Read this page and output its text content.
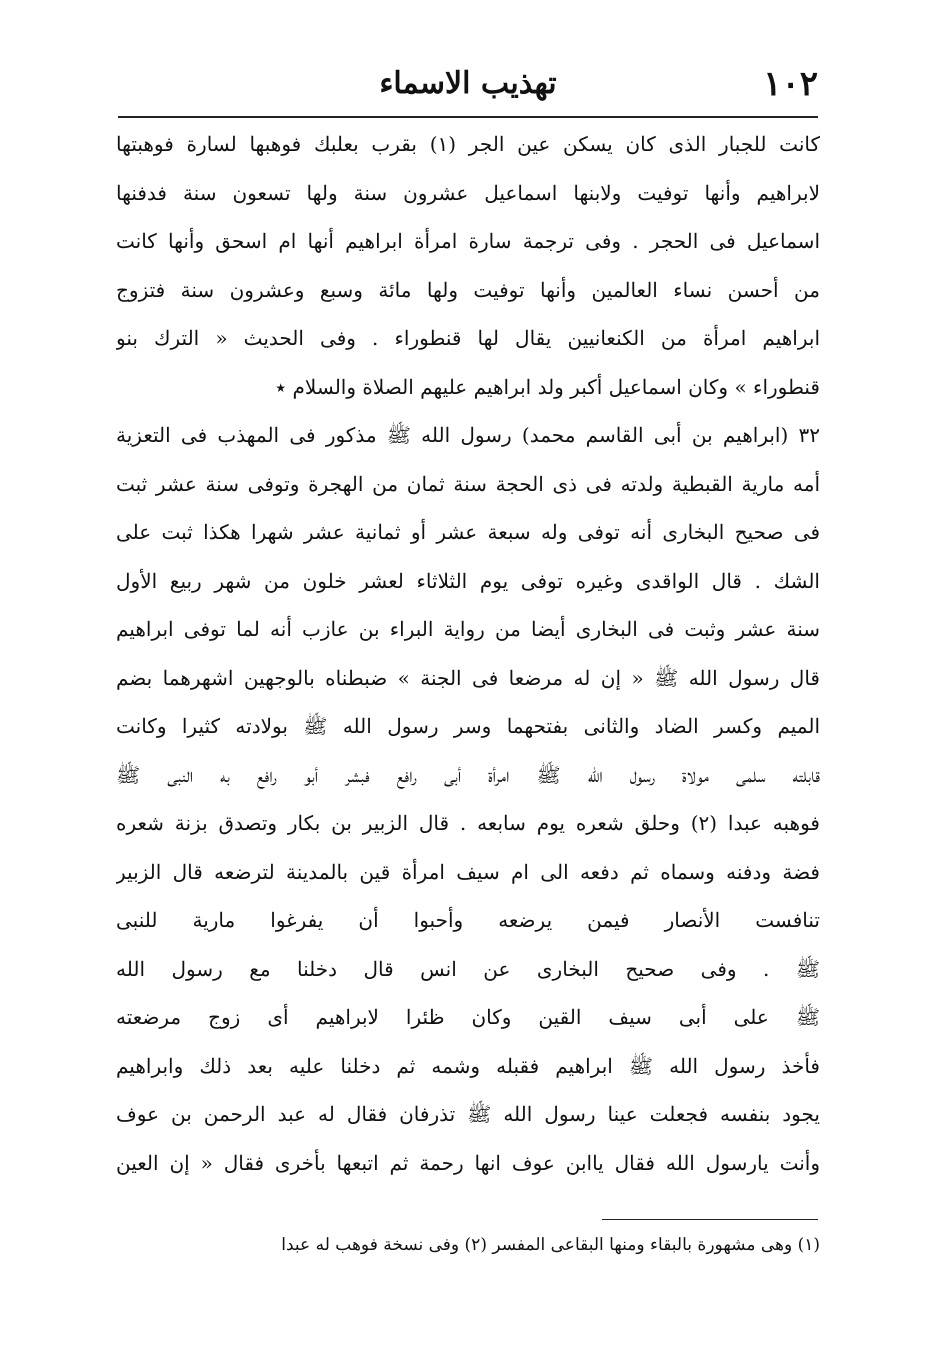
١٠٢
تهذيب الاسماء
كانت للجبار الذى كان يسكن عين الجر (١) بقرب بعلبك فوهبها لسارة فوهبتها
لابراهيم وأنها توفيت ولابنها اسماعيل عشرون سنة ولها تسعون سنة فدفنها
اسماعيل فى الحجر . وفى ترجمة سارة امرأة ابراهيم أنها ام اسحق وأنها كانت
من أحسن نساء العالمين وأنها توفيت ولها مائة وسبع وعشرون سنة فتزوج
ابراهيم امرأة من الكنعانيين يقال لها قنطوراء . وفى الحديث « الترك بنو
قنطوراء » وكان اسماعيل أكبر ولد ابراهيم عليهم الصلاة والسلام ٭
٣٢ (ابراهيم بن أبى القاسم محمد) رسول الله ﷺ مذكور فى المهذب فى التعزية
أمه مارية القبطية ولدته فى ذى الحجة سنة ثمان من الهجرة وتوفى سنة عشر ثبت
فى صحيح البخارى أنه توفى وله سبعة عشر أو ثمانية عشر شهرا هكذا ثبت على
الشك . قال الواقدى وغيره توفى يوم الثلاثاء لعشر خلون من شهر ربيع الأول
سنة عشر وثبت فى البخارى أيضا من رواية البراء بن عازب أنه لما توفى ابراهيم
قال رسول الله ﷺ « إن له مرضعا فى الجنة » ضبطناه بالوجهين اشهرهما بضم
الميم وكسر الضاد والثانى بفتحهما وسر رسول الله ﷺ بولادته كثيرا وكانت
قابلته سلمى مولاة رسول الله ﷺ امرأة أبى رافع فبشر أبو رافع به النبى ﷺ
فوهبه عبدا (٢) وحلق شعره يوم سابعه . قال الزبير بن بكار وتصدق بزنة شعره
فضة ودفنه وسماه ثم دفعه الى ام سيف امرأة قين بالمدينة لترضعه قال الزبير
تنافست الأنصار فيمن يرضعه وأحبوا أن يفرغوا مارية للنبى
ﷺ . وفى صحيح البخارى عن انس قال دخلنا مع رسول الله
ﷺ على أبى سيف القين وكان ظئرا لابراهيم أى زوج مرضعته
فأخذ رسول الله ﷺ ابراهيم فقبله وشمه ثم دخلنا عليه بعد ذلك وابراهيم
يجود بنفسه فجعلت عينا رسول الله ﷺ تذرفان فقال له عبد الرحمن بن عوف
وأنت يارسول الله فقال ياابن عوف انها رحمة ثم اتبعها بأخرى فقال « إن العين
(١) وهى مشهورة بالبقاء ومنها البقاعى المفسر (٢) وفى نسخة فوهب له عبدا
